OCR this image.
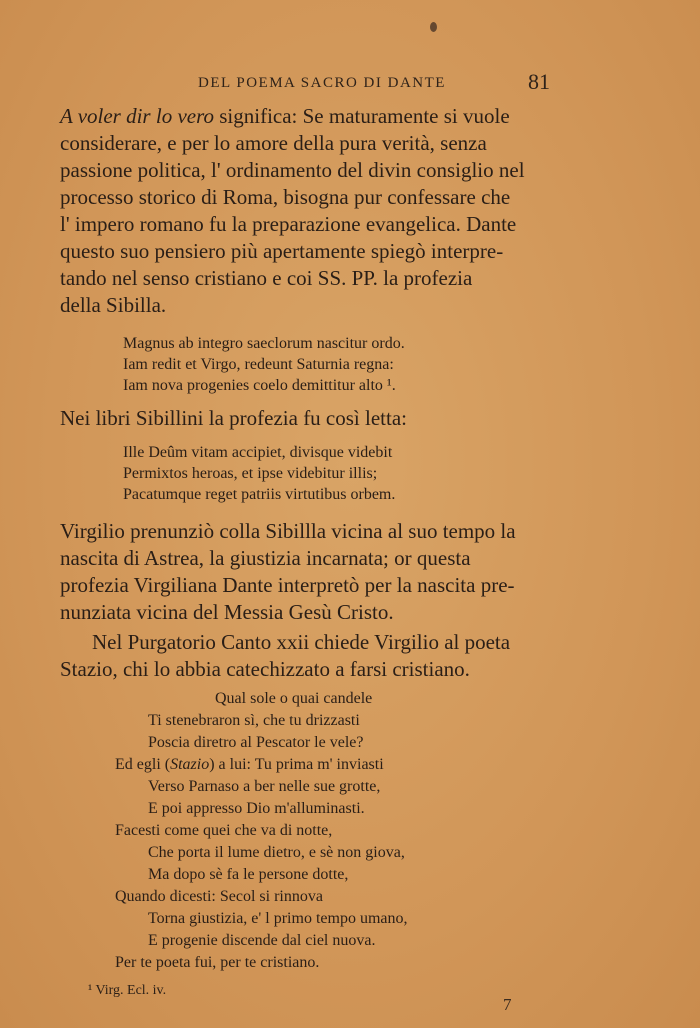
DEL POEMA SACRO DI DANTE	81
A voler dir lo vero significa: Se maturamente si vuole
considerare, e per lo amore della pura verità, senza
passione politica, l' ordinamento del divin consiglio nel
processo storico di Roma, bisogna pur confessare che
l' impero romano fu la preparazione evangelica. Dante
questo suo pensiero più apertamente spiegò interpre-
tando nel senso cristiano e coi SS. PP. la profezia
della Sibilla.
Magnus ab integro saeclorum nascitur ordo.
Iam redit et Virgo, redeunt Saturnia regna:
Iam nova progenies coelo demittitur alto ¹.
Nei libri Sibillini la profezia fu così letta:
Ille Deûm vitam accipiet, divisque videbit
Permixtos heroas, et ipse videbitur illis;
Pacatumque reget patriis virtutibus orbem.
Virgilio prenunziò colla Sibillla vicina al suo tempo la
nascita di Astrea, la giustizia incarnata; or questa
profezia Virgiliana Dante interpretò per la nascita pre-
nunziata vicina del Messia Gesù Cristo.
Nel Purgatorio Canto xxii chiede Virgilio al poeta
Stazio, chi lo abbia catechizzato a farsi cristiano.
Qual sole o quai candele
Ti stenebraron sì, che tu drizzasti
Poscia diretro al Pescator le vele?
Ed egli (Stazio) a lui: Tu prima m' inviasti
Verso Parnaso a ber nelle sue grotte,
E poi appresso Dio m'alluminasti.
Facesti come quei che va di notte,
Che porta il lume dietro, e sè non giova,
Ma dopo sè fa le persone dotte,
Quando dicesti: Secol si rinnova
Torna giustizia, e' l primo tempo umano,
E progenie discende dal ciel nuova.
Per te poeta fui, per te cristiano.
¹ Virg. Ecl. iv.
7
